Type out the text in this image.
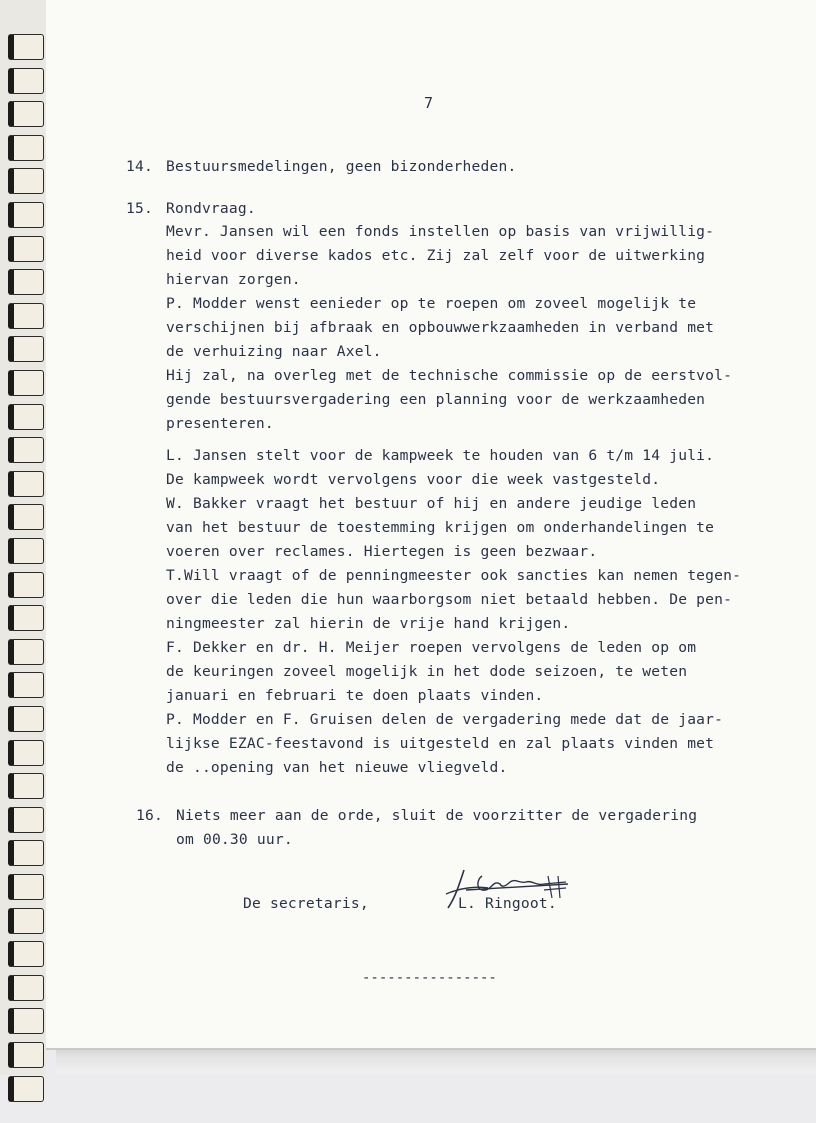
7
14. Bestuursmedelingen, geen bizonderheden.
15. Rondvraag.
Mevr. Jansen wil een fonds instellen op basis van vrijwillig-
heid voor diverse kados etc. Zij zal zelf voor de uitwerking
hiervan zorgen.
P. Modder wenst eenieder op te roepen om zoveel mogelijk te
verschijnen bij afbraak en opbouwwerkzaamheden in verband met
de verhuizing naar Axel.
Hij zal, na overleg met de technische commissie op de eerstvol-
gende bestuursvergadering een planning voor de werkzaamheden
presenteren.
L. Jansen stelt voor de kampweek te houden van 6 t/m 14 juli.
De kampweek wordt vervolgens voor die week vastgesteld.
W. Bakker vraagt het bestuur of hij en andere jeudige leden
van het bestuur de toestemming krijgen om onderhandelingen te
voeren over reclames. Hiertegen is geen bezwaar.
T.Will vraagt of de penningmeester ook sancties kan nemen tegen-
over die leden die hun waarborgsom niet betaald hebben. De pen-
ningmeester zal hierin de vrije hand krijgen.
F. Dekker en dr. H. Meijer roepen vervolgens de leden op om
de keuringen zoveel mogelijk in het dode seizoen, te weten
januari en februari te doen plaats vinden.
P. Modder en F. Gruisen delen de vergadering mede dat de jaar-
lijkse EZAC-feestavond is uitgesteld en zal plaats vinden met
de ..opening van het nieuwe vliegveld.
16. Niets meer aan de orde, sluit de voorzitter de vergadering
om 00.30 uur.
De secretaris,	L. Ringoot.
----------------
